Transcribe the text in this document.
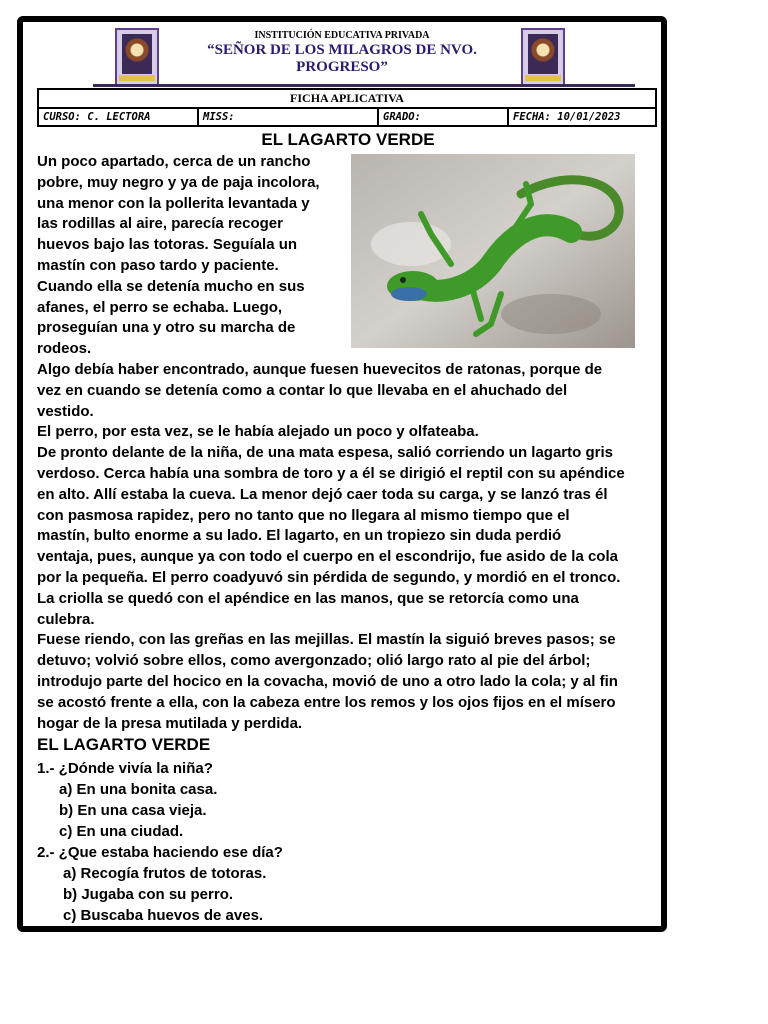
INSTITUCIÓN EDUCATIVA PRIVADA
“SEÑOR DE LOS MILAGROS DE NVO.
PROGRESO”
FICHA APLICATIVA
CURSO: C. LECTORA	MISS:	GRADO:	FECHA: 10/01/2023
EL LAGARTO VERDE
Un poco apartado, cerca de un rancho
pobre, muy negro y ya de paja incolora,
una menor con la pollerita levantada y
las rodillas al aire, parecía recoger
huevos bajo las totoras. Seguíala un
mastín con paso tardo y paciente.
Cuando ella se detenía mucho en sus
afanes, el perro se echaba. Luego,
proseguían una y otro su marcha de
rodeos.
Algo debía haber encontrado, aunque fuesen huevecitos de ratonas, porque de
vez en cuando se detenía como a contar lo que llevaba en el ahuchado del
vestido.
El perro, por esta vez, se le había alejado un poco y olfateaba.
De pronto delante de la niña, de una mata espesa, salió corriendo un lagarto gris
verdoso. Cerca había una sombra de toro y a él se dirigió el reptil con su apéndice
en alto. Allí estaba la cueva. La menor dejó caer toda su carga, y se lanzó tras él
con pasmosa rapidez, pero no tanto que no llegara al mismo tiempo que el
mastín, bulto enorme a su lado. El lagarto, en un tropiezo sin duda perdió
ventaja, pues, aunque ya con todo el cuerpo en el escondrijo, fue asido de la cola
por la pequeña. El perro coadyuvó sin pérdida de segundo, y mordió en el tronco.
La criolla se quedó con el apéndice en las manos, que se retorcía como una
culebra.
Fuese riendo, con las greñas en las mejillas. El mastín la siguió breves pasos; se
detuvo; volvió sobre ellos, como avergonzado; olió largo rato al pie del árbol;
introdujo parte del hocico en la covacha, movió de uno a otro lado la cola; y al fin
se acostó frente a ella, con la cabeza entre los remos y los ojos fijos en el mísero
hogar de la presa mutilada y perdida.
EL LAGARTO VERDE
1.- ¿Dónde vivía la niña?
a) En una bonita casa.
b) En una casa vieja.
c) En una ciudad.
2.- ¿Que estaba haciendo ese día?
a) Recogía frutos de totoras.
b) Jugaba con su perro.
c) Buscaba huevos de aves.
